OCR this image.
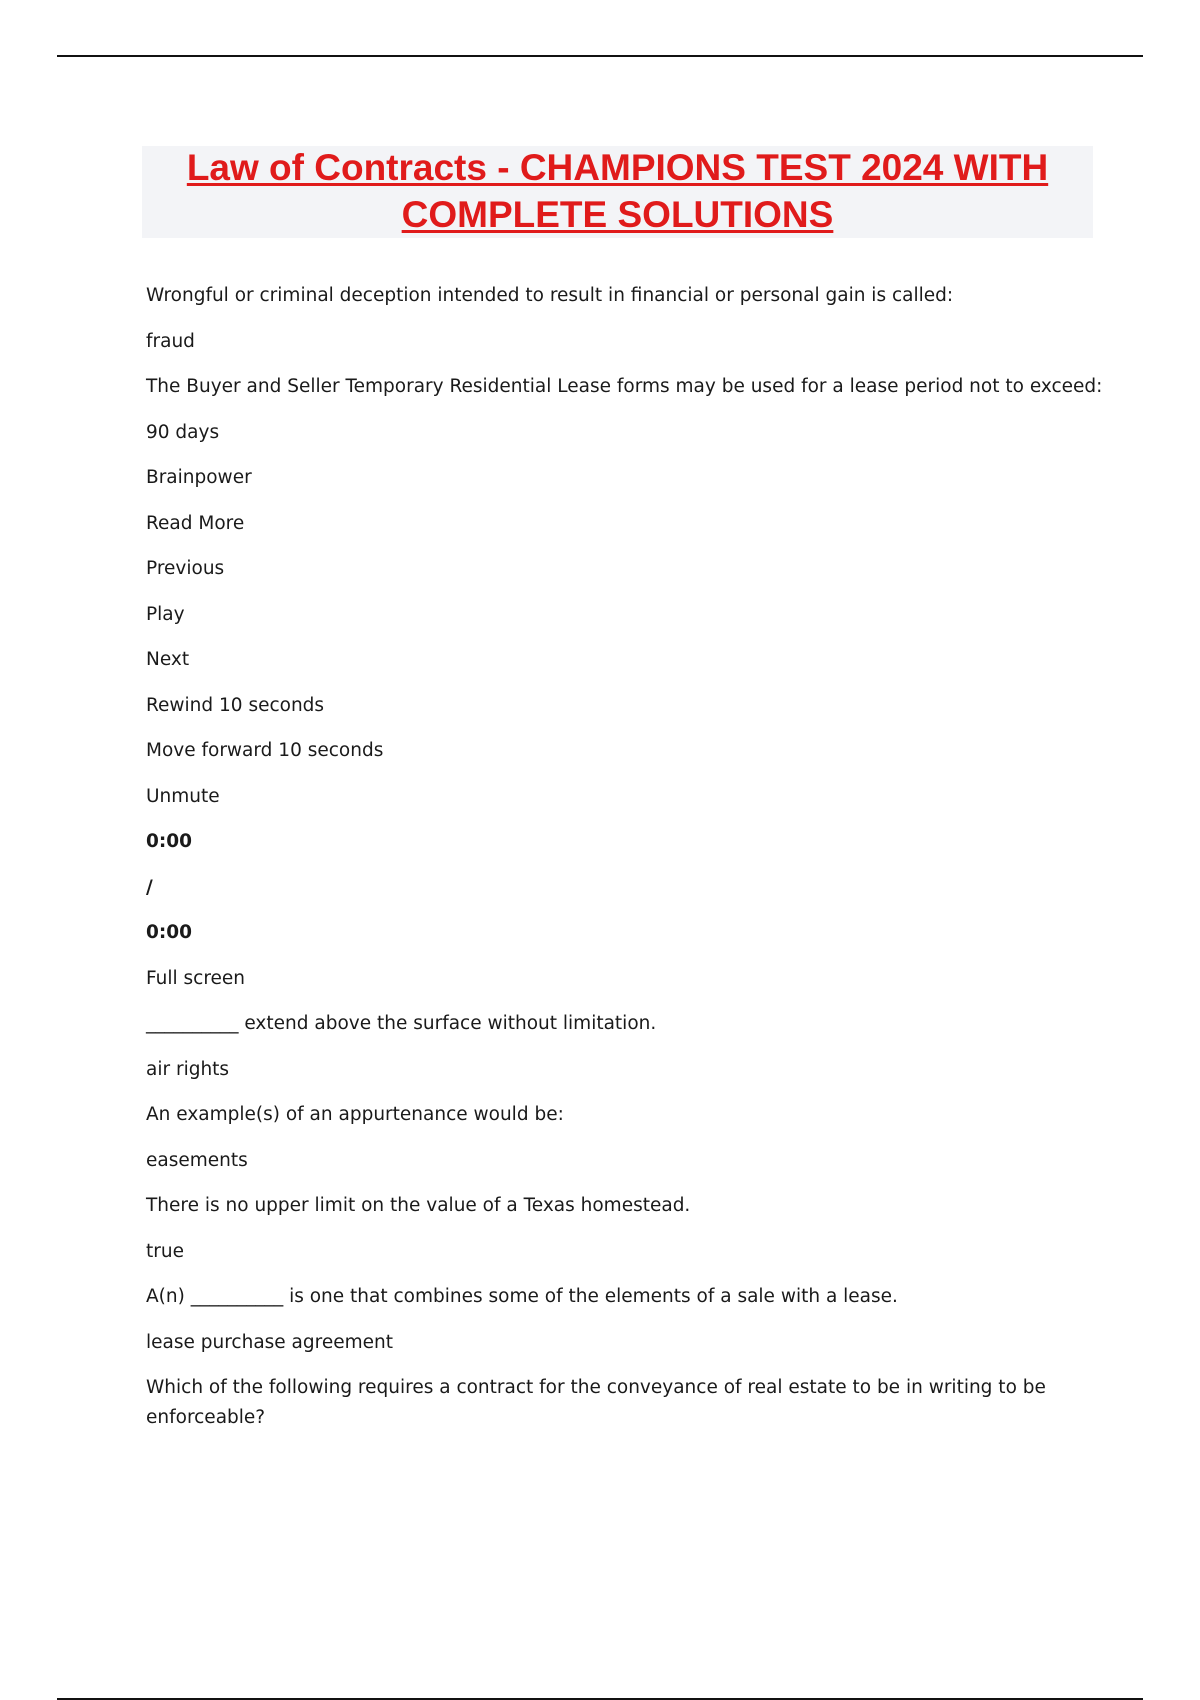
Law of Contracts - CHAMPIONS TEST 2024 WITH COMPLETE SOLUTIONS
Wrongful or criminal deception intended to result in financial or personal gain is called:
fraud
The Buyer and Seller Temporary Residential Lease forms may be used for a lease period not to exceed:
90 days
Brainpower
Read More
Previous
Play
Next
Rewind 10 seconds
Move forward 10 seconds
Unmute
0:00
/
0:00
Full screen
__________ extend above the surface without limitation.
air rights
An example(s) of an appurtenance would be:
easements
There is no upper limit on the value of a Texas homestead.
true
A(n) __________ is one that combines some of the elements of a sale with a lease.
lease purchase agreement
Which of the following requires a contract for the conveyance of real estate to be in writing to be enforceable?
